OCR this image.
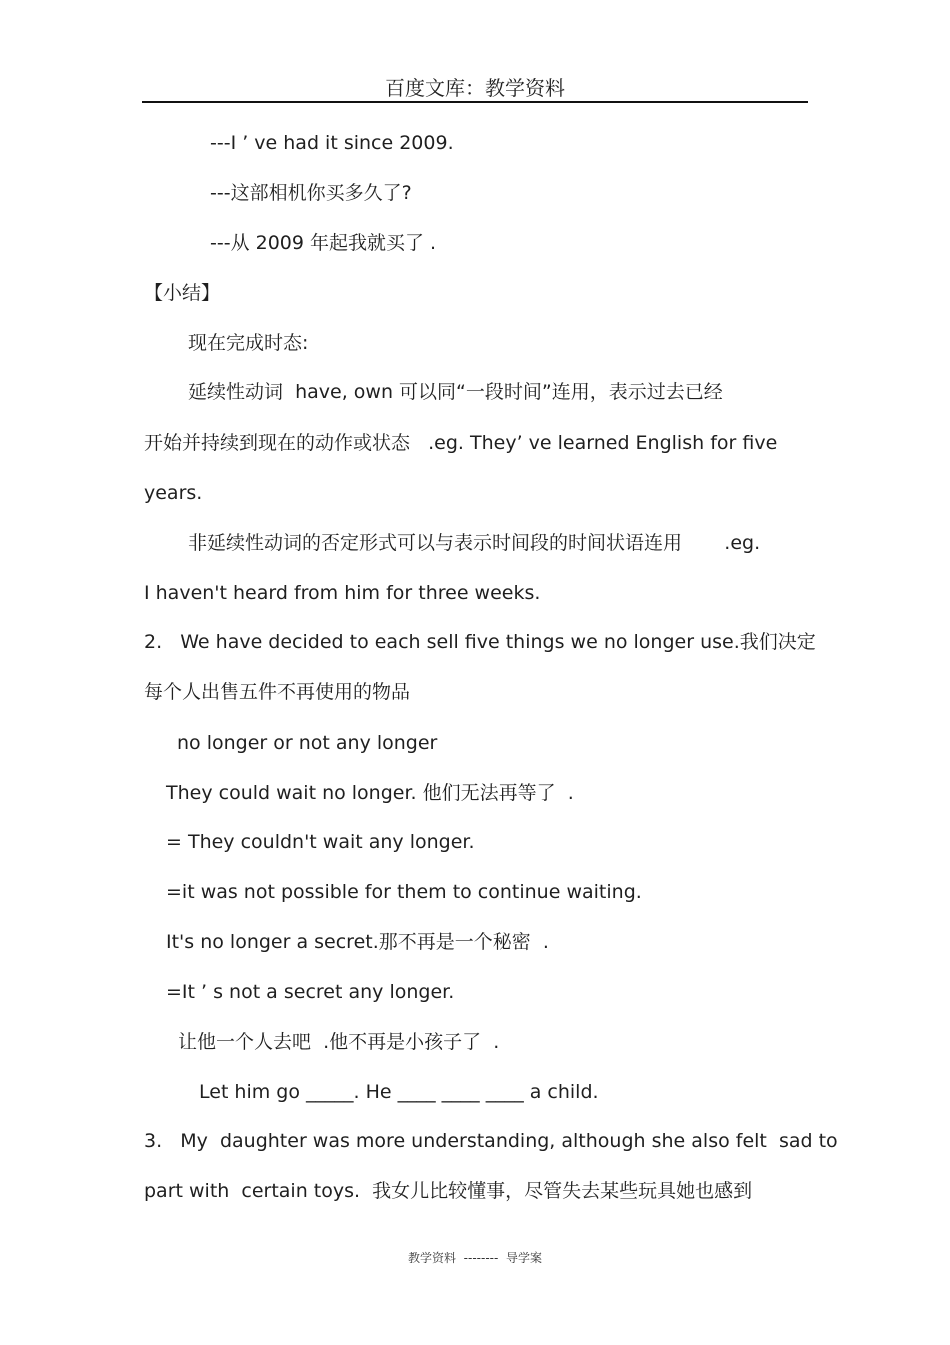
百度文库：教学资料
---I ’ ve had it since 2009.
---这部相机你买多久了?
---从 2009 年起我就买了 .
【小结】
现在完成时态:
延续性动词  have, own 可以同“一段时间”连用，表示过去已经
开始并持续到现在的动作或状态   .eg. They’ ve learned English for five
years.
非延续性动词的否定形式可以与表示时间段的时间状语连用       .eg.
I haven't heard from him for three weeks.
2.   We have decided to each sell five things we no longer use.我们决定
每个人出售五件不再使用的物品
no longer or not any longer
They could wait no longer. 他们无法再等了  .
= They couldn't wait any longer.
=it was not possible for them to continue waiting.
It's no longer a secret.那不再是一个秘密  .
=It ’ s not a secret any longer.
让他一个人去吧  .他不再是小孩子了  .
Let him go _____. He ____ ____ ____ a child.
3.   My  daughter was more understanding, although she also felt  sad to
part with  certain toys.  我女儿比较懂事，尽管失去某些玩具她也感到
教学资料  --------  导学案
